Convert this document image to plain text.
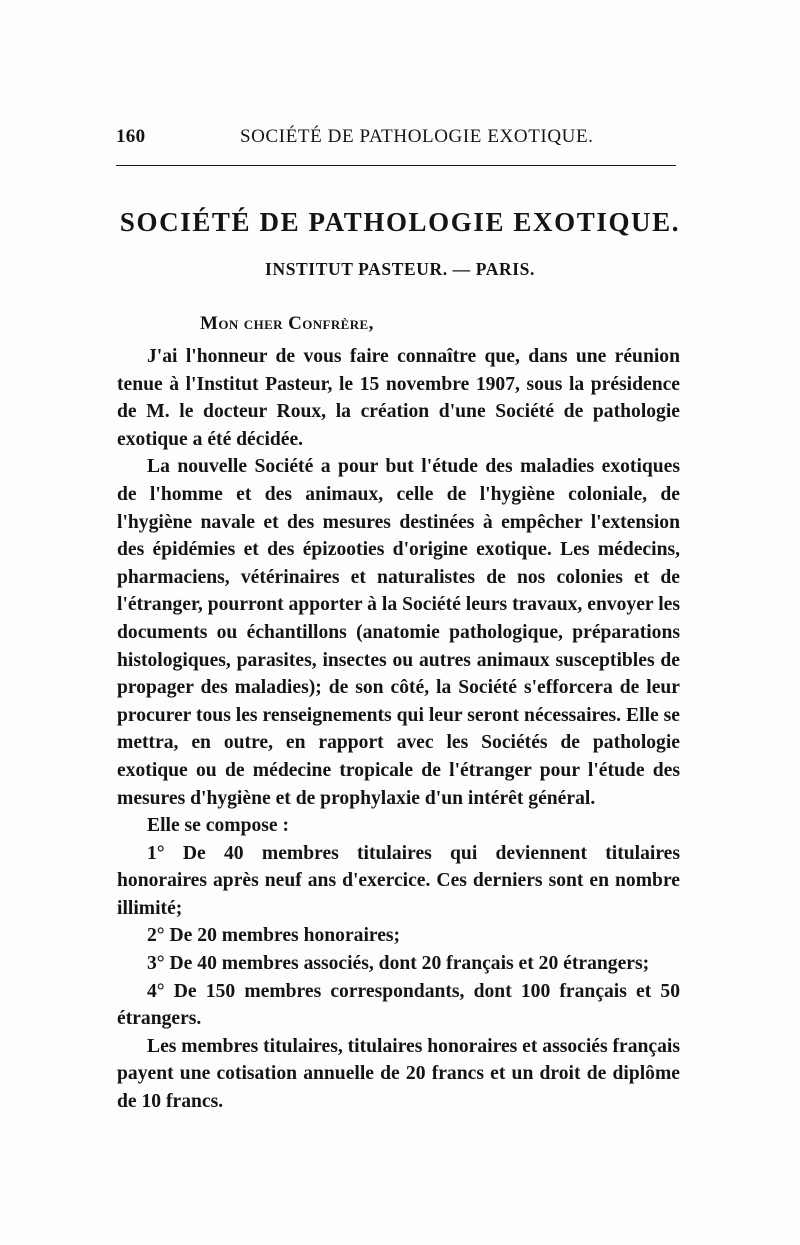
160	SOCIÉTÉ DE PATHOLOGIE EXOTIQUE.
SOCIÉTÉ DE PATHOLOGIE EXOTIQUE.
INSTITUT PASTEUR. — PARIS.
Mon cher Confrère,

J'ai l'honneur de vous faire connaître que, dans une réunion tenue à l'Institut Pasteur, le 15 novembre 1907, sous la présidence de M. le docteur Roux, la création d'une Société de pathologie exotique a été décidée.

La nouvelle Société a pour but l'étude des maladies exotiques de l'homme et des animaux, celle de l'hygiène coloniale, de l'hygiène navale et des mesures destinées à empêcher l'extension des épidémies et des épizooties d'origine exotique. Les médecins, pharmaciens, vétérinaires et naturalistes de nos colonies et de l'étranger, pourront apporter à la Société leurs travaux, envoyer les documents ou échantillons (anatomie pathologique, préparations histologiques, parasites, insectes ou autres animaux susceptibles de propager des maladies); de son côté, la Société s'efforcera de leur procurer tous les renseignements qui leur seront nécessaires. Elle se mettra, en outre, en rapport avec les Sociétés de pathologie exotique ou de médecine tropicale de l'étranger pour l'étude des mesures d'hygiène et de prophylaxie d'un intérêt général.

Elle se compose :

1° De 40 membres titulaires qui deviennent titulaires honoraires après neuf ans d'exercice. Ces derniers sont en nombre illimité;

2° De 20 membres honoraires;

3° De 40 membres associés, dont 20 français et 20 étrangers;

4° De 150 membres correspondants, dont 100 français et 50 étrangers.

Les membres titulaires, titulaires honoraires et associés français payent une cotisation annuelle de 20 francs et un droit de diplôme de 10 francs.
